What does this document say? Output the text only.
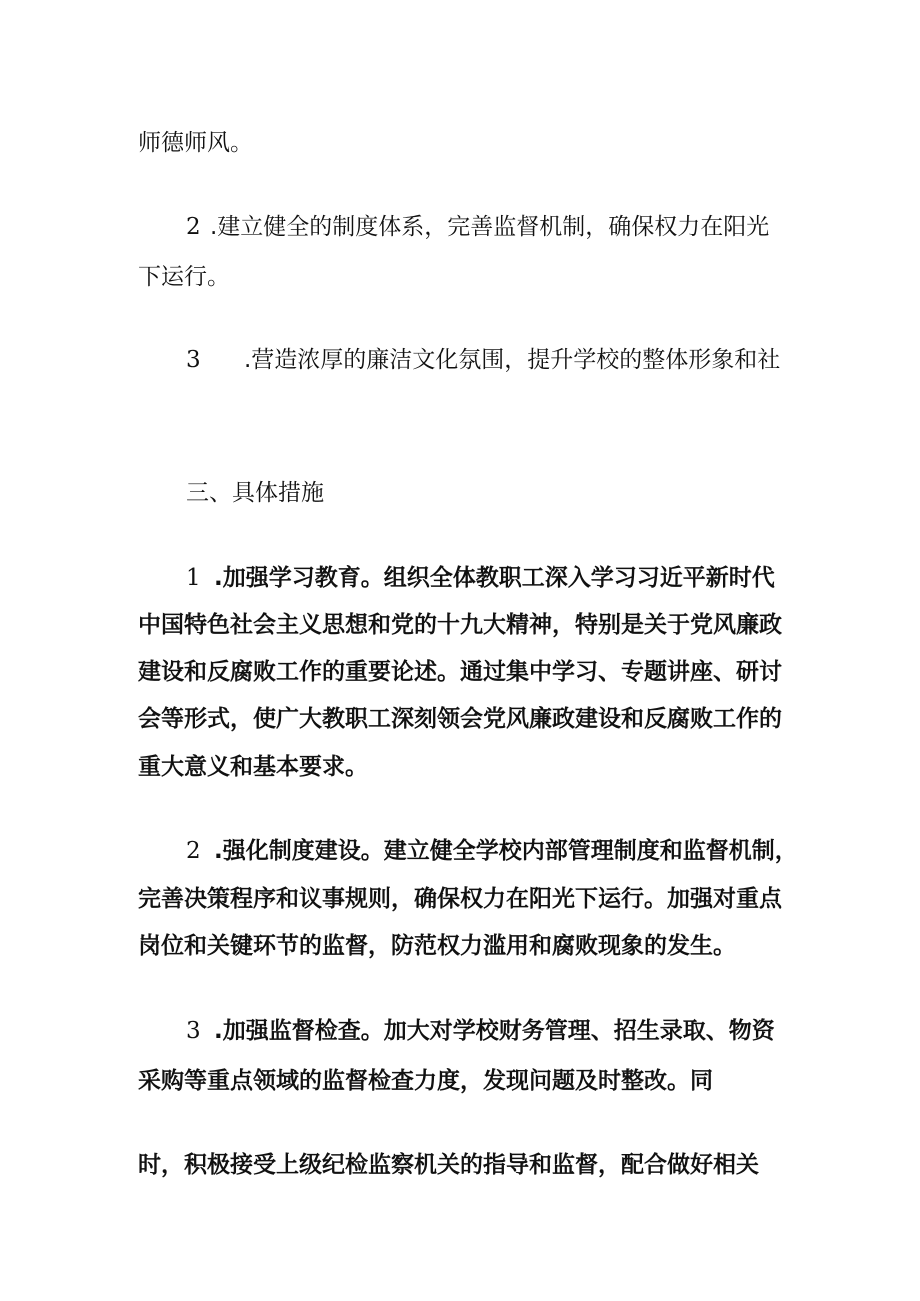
师德师风。
2 .建立健全的制度体系，完善监督机制，确保权力在阳光
下运行。
3 .营造浓厚的廉洁文化氛围，提升学校的整体形象和社
三、具体措施
1 .加强学习教育。组织全体教职工深入学习习近平新时代
中国特色社会主义思想和党的十九大精神，特别是关于党风廉政
建设和反腐败工作的重要论述。通过集中学习、专题讲座、研讨
会等形式，使广大教职工深刻领会党风廉政建设和反腐败工作的
重大意义和基本要求。
2 .强化制度建设。建立健全学校内部管理制度和监督机制，
完善决策程序和议事规则，确保权力在阳光下运行。加强对重点
岗位和关键环节的监督，防范权力滥用和腐败现象的发生。
3 .加强监督检查。加大对学校财务管理、招生录取、物资
采购等重点领域的监督检查力度，发现问题及时整改。同
时，积极接受上级纪检监察机关的指导和监督，配合做好相关
